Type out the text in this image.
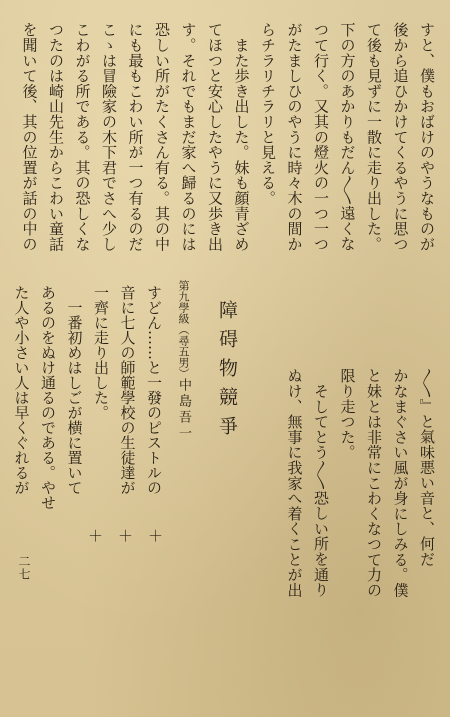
すと、僕もおばけのやうなものが
後から追ひかけてくるやうに思つ
て後も見ずに一散に走り出した。
下の方のあかりもだん〳〵遠くな
つて行く。又其の燈火の一つ一つ
がたましひのやうに時々木の間か
らチラリチラリと見える。
　また歩き出した。妹も顔青ざめ
てほつと安心したやうに又歩き出
す。それでもまだ家へ歸るのには
恐しい所がたくさん有る。其の中
にも最もこわい所が一つ有るのだ
こゝは冒險家の木下君でさへ少し
こわがる所である。其の恐しくな
つたのは崎山先生からこわい童話
を聞いて後、其の位置が話の中の
〳〵』と氣味悪い音と、何だ
かなまぐさい風が身にしみる。僕
と妹とは非常にこわくなつて力の
限り走つた。
　そしてとう〳〵恐しい所を通り
ぬけ、無事に我家へ着くことが出
障碍物競爭
第九學級（尋五男）
中島吾一
すどん……と一發のピストルの
音に七人の師範學校の生徒達が
一齊に走り出した。
　一番初めはしごが横に置いて
あるのをぬけ通るのである。やせ
た人や小さい人は早くぐれるが
＋　＋　＋
二七
